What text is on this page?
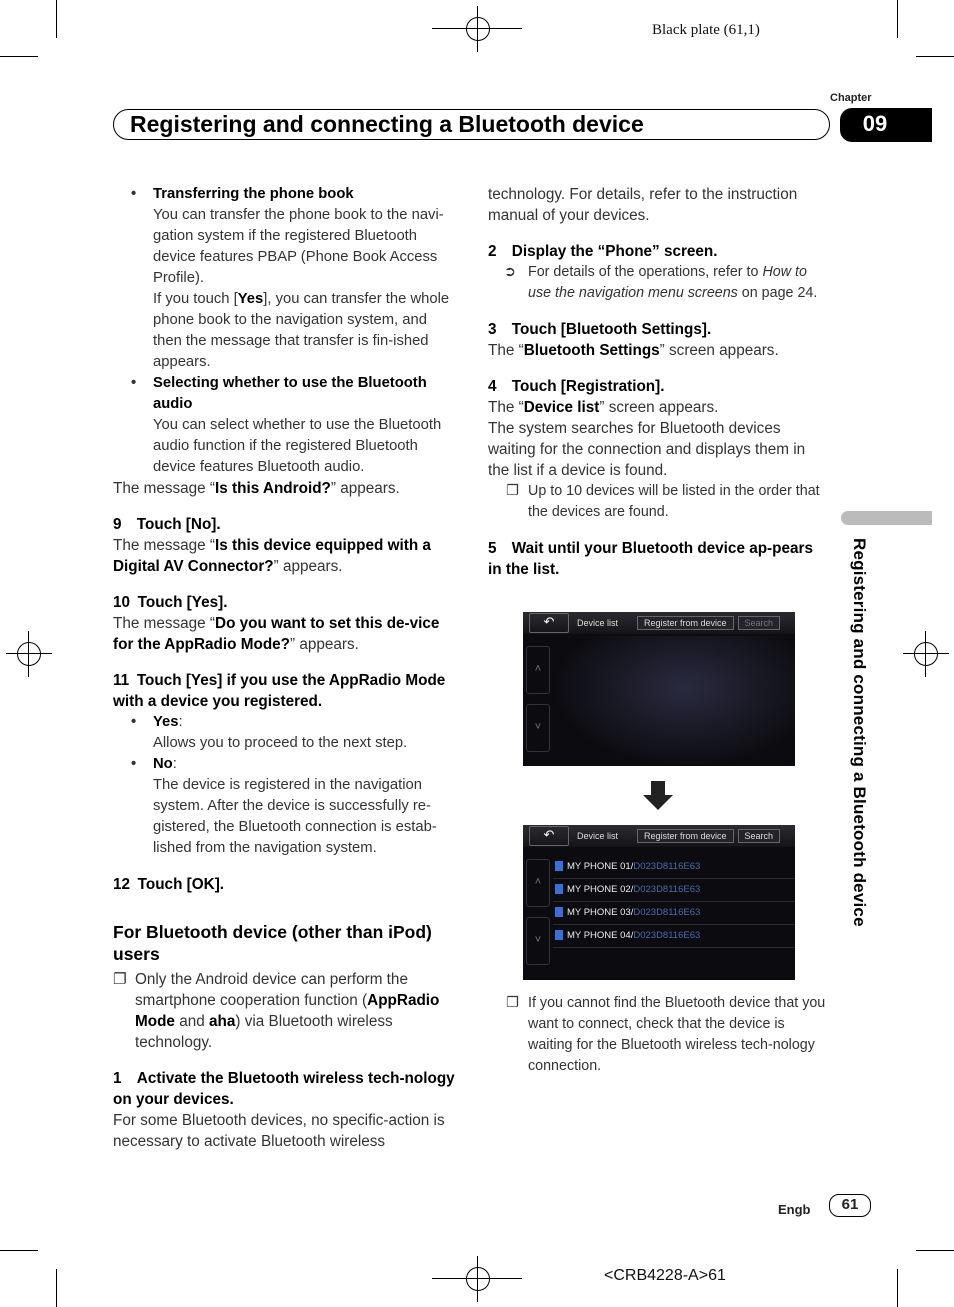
Black plate (61,1)
Chapter
09
Registering and connecting a Bluetooth device
Registering and connecting a Bluetooth device
• Transferring the phone book

You can transfer the phone book to the navi-gation system if the registered Bluetooth device features PBAP (Phone Book Access Profile).

If you touch [Yes], you can transfer the whole phone book to the navigation system, and then the message that transfer is fin-ished appears.

• Selecting whether to use the Bluetooth audio

You can select whether to use the Bluetooth audio function if the registered Bluetooth device features Bluetooth audio.

The message “Is this Android?” appears.

9 Touch [No].

The message “Is this device equipped with a Digital AV Connector?” appears.

10 Touch [Yes].

The message “Do you want to set this de-vice for the AppRadio Mode?” appears.

11 Touch [Yes] if you use the AppRadio Mode with a device you registered.

• Yes:

Allows you to proceed to the next step.

• No:

The device is registered in the navigation system. After the device is successfully re-gistered, the Bluetooth connection is estab-lished from the navigation system.

12 Touch [OK].

For Bluetooth device (other than iPod) users

❐ Only the Android device can perform the smartphone cooperation function (AppRadio Mode and aha) via Bluetooth wireless technology.

1 Activate the Bluetooth wireless tech-nology on your devices.

For some Bluetooth devices, no specific-action is necessary to activate Bluetooth wireless

technology. For details, refer to the instruction manual of your devices.

2 Display the “Phone” screen.

➲ For details of the operations, refer to How to use the navigation menu screens on page 24.

3 Touch [Bluetooth Settings].

The “Bluetooth Settings” screen appears.

4 Touch [Registration].

The “Device list” screen appears.

The system searches for Bluetooth devices waiting for the connection and displays them in the list if a device is found.

❐ Up to 10 devices will be listed in the order that the devices are found.

5 Wait until your Bluetooth device ap-pears in the list.

↶	Device list	Register from device	Search
˄
˅
↶	Device list	Register from device	Search
˄
˅
MY PHONE 01/D023D8116E63
MY PHONE 02/D023D8116E63
MY PHONE 03/D023D8116E63
MY PHONE 04/D023D8116E63
❐ If you cannot find the Bluetooth device that you want to connect, check that the device is waiting for the Bluetooth wireless tech-nology connection.

Engb	61
<CRB4228-A>61
